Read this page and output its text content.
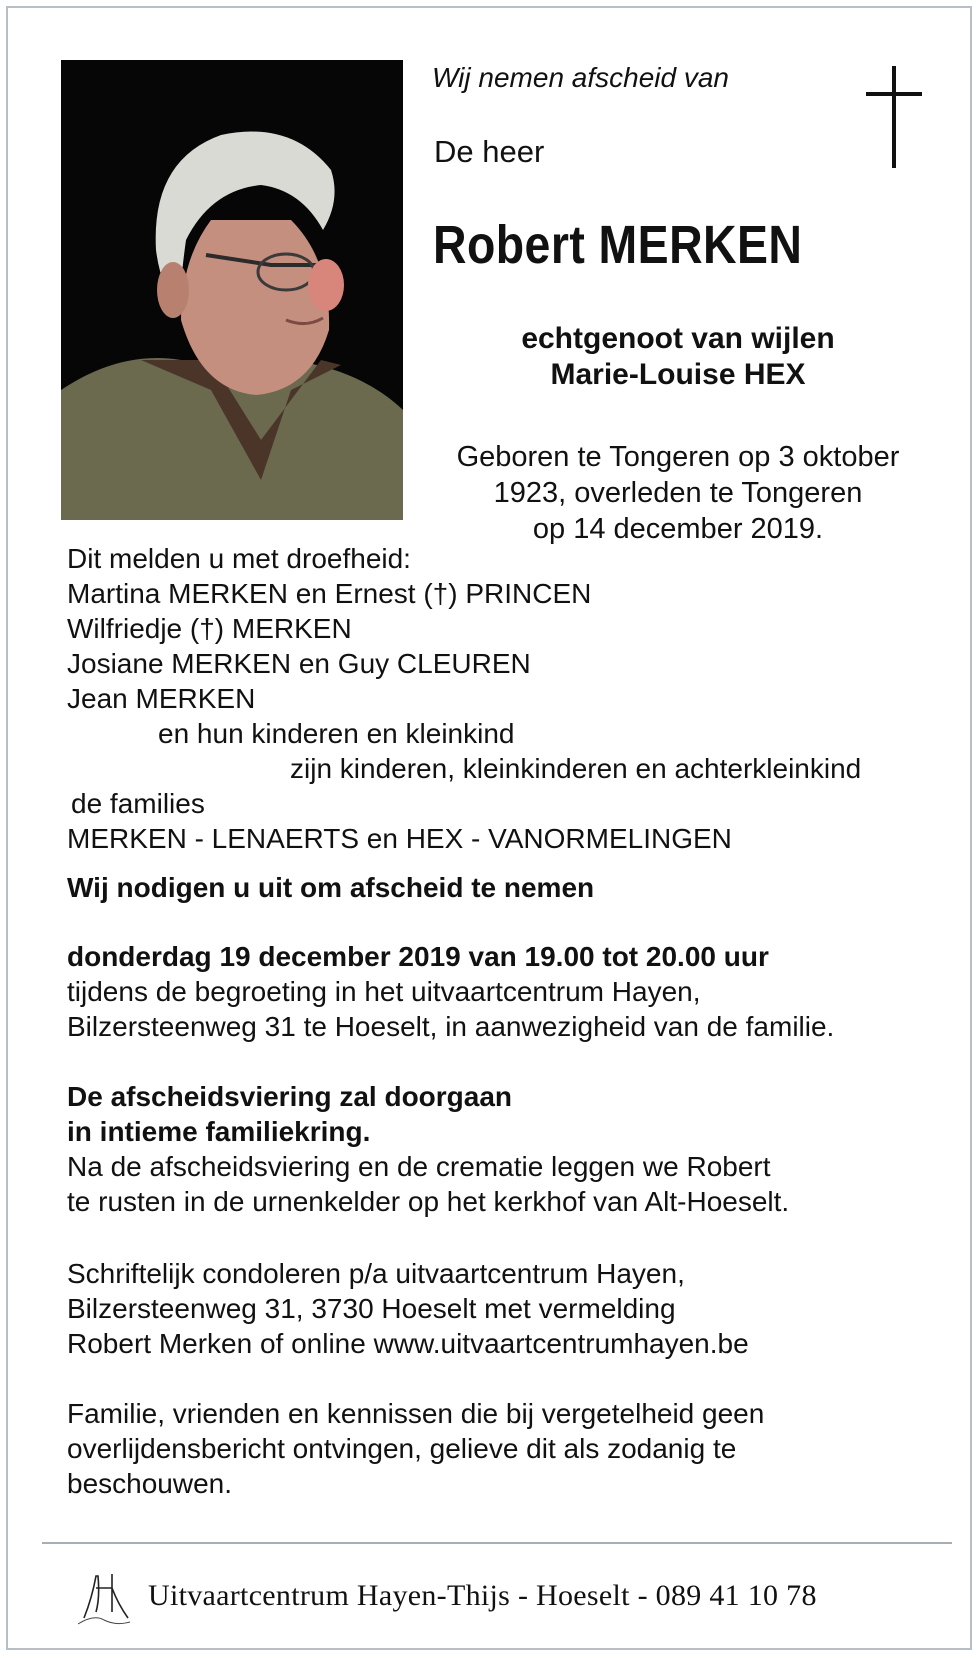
Wij nemen afscheid van
De heer
Robert MERKEN
echtgenoot van wijlen
Marie-Louise HEX
Geboren te Tongeren op 3 oktober
1923, overleden te Tongeren
op 14 december 2019.
Dit melden u met droefheid:
Martina MERKEN en Ernest (†) PRINCEN
Wilfriedje (†) MERKEN
Josiane MERKEN en Guy CLEUREN
Jean MERKEN
en hun kinderen en kleinkind
zijn kinderen, kleinkinderen en achterkleinkind
de families
MERKEN - LENAERTS en HEX - VANORMELINGEN
Wij nodigen u uit om afscheid te nemen
donderdag 19 december 2019 van 19.00 tot 20.00 uur
tijdens de begroeting in het uitvaartcentrum Hayen,
Bilzersteenweg 31 te Hoeselt, in aanwezigheid van de familie.
De afscheidsviering zal doorgaan
in intieme familiekring.
Na de afscheidsviering en de crematie leggen we Robert
te rusten in de urnenkelder op het kerkhof van Alt-Hoeselt.
Schriftelijk condoleren p/a uitvaartcentrum Hayen,
Bilzersteenweg 31, 3730 Hoeselt met vermelding
Robert Merken of online www.uitvaartcentrumhayen.be
Familie, vrienden en kennissen die bij vergetelheid geen
overlijdensbericht ontvingen, gelieve dit als zodanig te
beschouwen.
Uitvaartcentrum Hayen-Thijs - Hoeselt - 089 41 10 78
